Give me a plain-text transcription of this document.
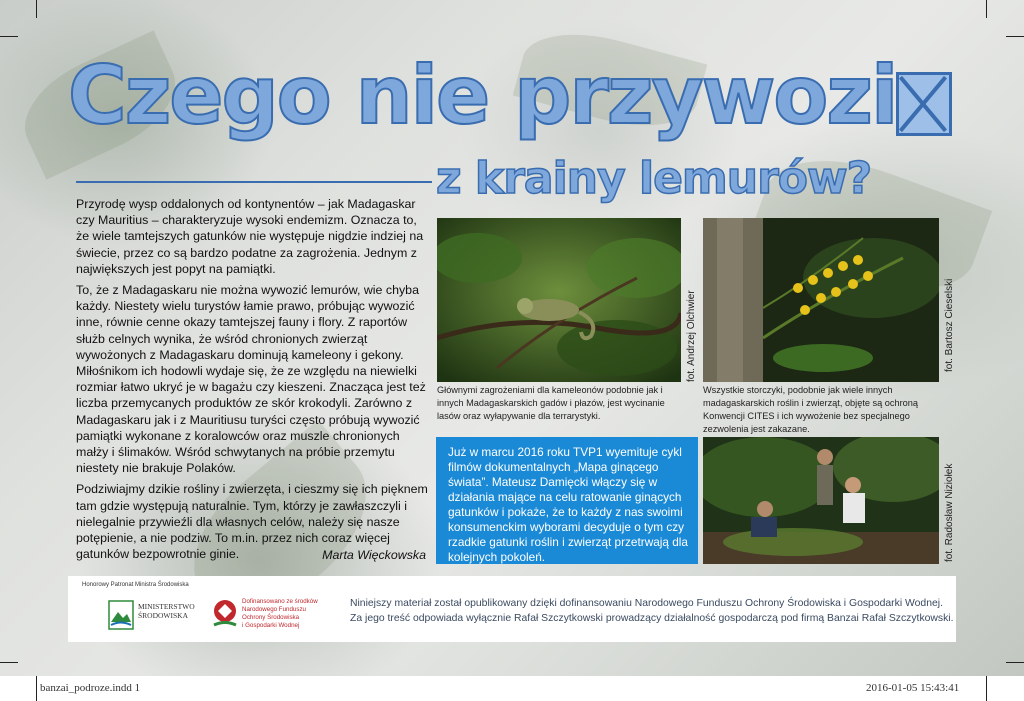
Czego nie przywozi
z krainy lemurów?

Przyrodę wysp oddalonych od kontynentów – jak Madagaskar czy Mauritius – charakteryzuje wysoki endemizm. Oznacza to, że wiele tamtejszych gatunków nie występuje nigdzie indziej na świecie, przez co są bardzo podatne za zagrożenia. Jednym z największych jest popyt na pamiątki.

To, że z Madagaskaru nie można wywozić lemurów, wie chyba każdy. Niestety wielu turystów łamie prawo, próbując wywozić inne, równie cenne okazy tamtejszej fauny i flory. Z raportów służb celnych wynika, że wśród chronionych zwierząt wywożonych z Madagaskaru dominują kameleony i gekony. Miłośnikom ich hodowli wydaje się, że ze względu na niewielki rozmiar łatwo ukryć je w bagażu czy kieszeni. Znacząca jest też liczba przemycanych produktów ze skór krokodyli. Zarówno z Madagaskaru jak i z Mauritiusu turyści często próbują wywozić pamiątki wykonane z koralowców oraz muszle chronionych małży i ślimaków. Wśród schwytanych na próbie przemytu niestety nie brakuje Polaków.

Podziwiajmy dzikie rośliny i zwierzęta, i cieszmy się ich pięknem tam gdzie występują naturalnie. Tym, którzy je zawłaszczyli i nielegalnie przywieźli dla własnych celów, należy się nasze potępienie, a nie podziw. To m.in. przez nich coraz więcej gatunków bezpowrotnie ginie.	Marta Więckowska
fot. Andrzej Olchwier
Głównymi zagrożeniami dla kameleonów podobnie jak i innych Madagaskarskich gadów i płazów, jest wycinanie lasów oraz wyłapywanie dla terrarystyki.
fot. Bartosz Cieselski
Wszystkie storczyki, podobnie jak wiele innych madagaskarskich roślin i zwierząt, objęte są ochroną Konwencji CITES i ich wywożenie bez specjalnego zezwolenia jest zakazane.
fot. Radosław Niziołek
Już w marcu 2016 roku TVP1 wyemituje cykl filmów dokumentalnych „Mapa ginącego świata”. Mateusz Damięcki włączy się w działania mające na celu ratowanie ginących gatunków i pokaże, że to każdy z nas swoimi konsumenckim wyborami decyduje o tym czy rzadkie gatunki roślin i zwierząt przetrwają dla kolejnych pokoleń.
Honorowy Patronat Ministra Środowiska
MINISTERSTWO
ŚRODOWISKA
Dofinansowano ze środków
Narodowego Funduszu
Ochrony Środowiska
i Gospodarki Wodnej
Niniejszy materiał został opublikowany dzięki dofinansowaniu Narodowego Funduszu Ochrony Środowiska i Gospodarki Wodnej.
Za jego treść odpowiada wyłącznie Rafał Szczytkowski prowadzący działalność gospodarczą pod firmą Banzai Rafał Szczytkowski.
banzai_podroze.indd 1	2016-01-05 15:43:41
